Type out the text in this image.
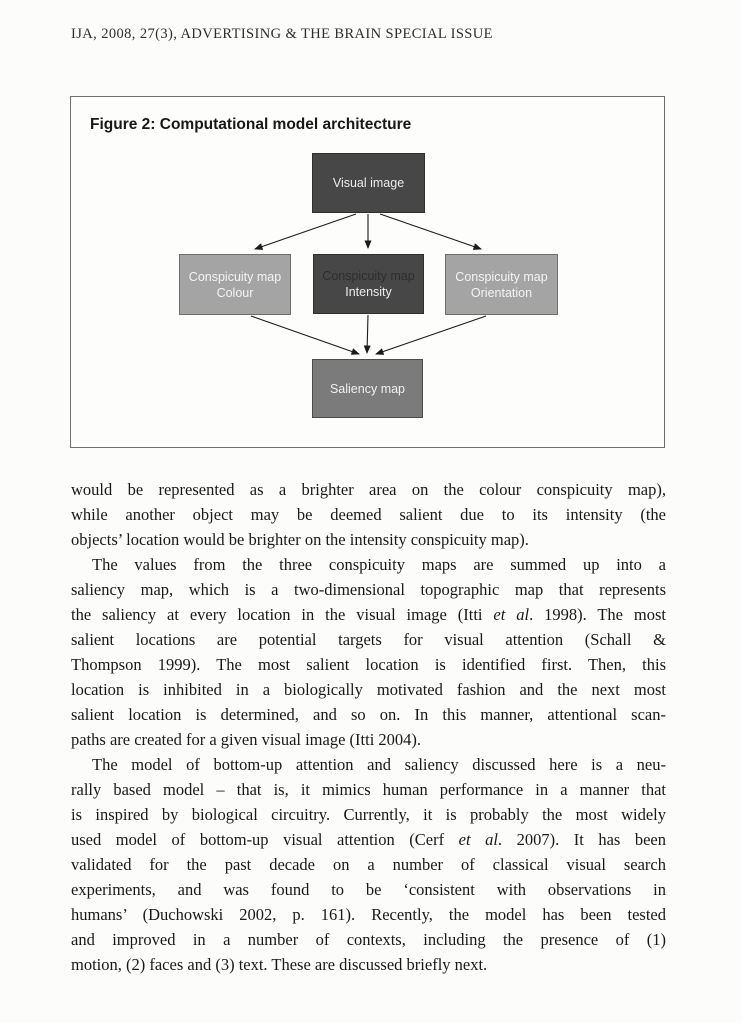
IJA, 2008, 27(3), ADVERTISING & THE BRAIN SPECIAL ISSUE
Figure 2: Computational model architecture
Visual image
Conspicuity map
Colour
Conspicuity map
Intensity
Conspicuity map
Orientation
Saliency map

would be represented as a brighter area on the colour conspicuity map),
while another object may be deemed salient due to its intensity (the
objects’ location would be brighter on the intensity conspicuity map).

The values from the three conspicuity maps are summed up into a
saliency map, which is a two-dimensional topographic map that represents
the saliency at every location in the visual image (Itti et al. 1998). The most
salient locations are potential targets for visual attention (Schall &
Thompson 1999). The most salient location is identified first. Then, this
location is inhibited in a biologically motivated fashion and the next most
salient location is determined, and so on. In this manner, attentional scan-
paths are created for a given visual image (Itti 2004).

The model of bottom-up attention and saliency discussed here is a neu-
rally based model – that is, it mimics human performance in a manner that
is inspired by biological circuitry. Currently, it is probably the most widely
used model of bottom-up visual attention (Cerf et al. 2007). It has been
validated for the past decade on a number of classical visual search
experiments, and was found to be ‘consistent with observations in
humans’ (Duchowski 2002, p. 161). Recently, the model has been tested
and improved in a number of contexts, including the presence of (1)
motion, (2) faces and (3) text. These are discussed briefly next.
